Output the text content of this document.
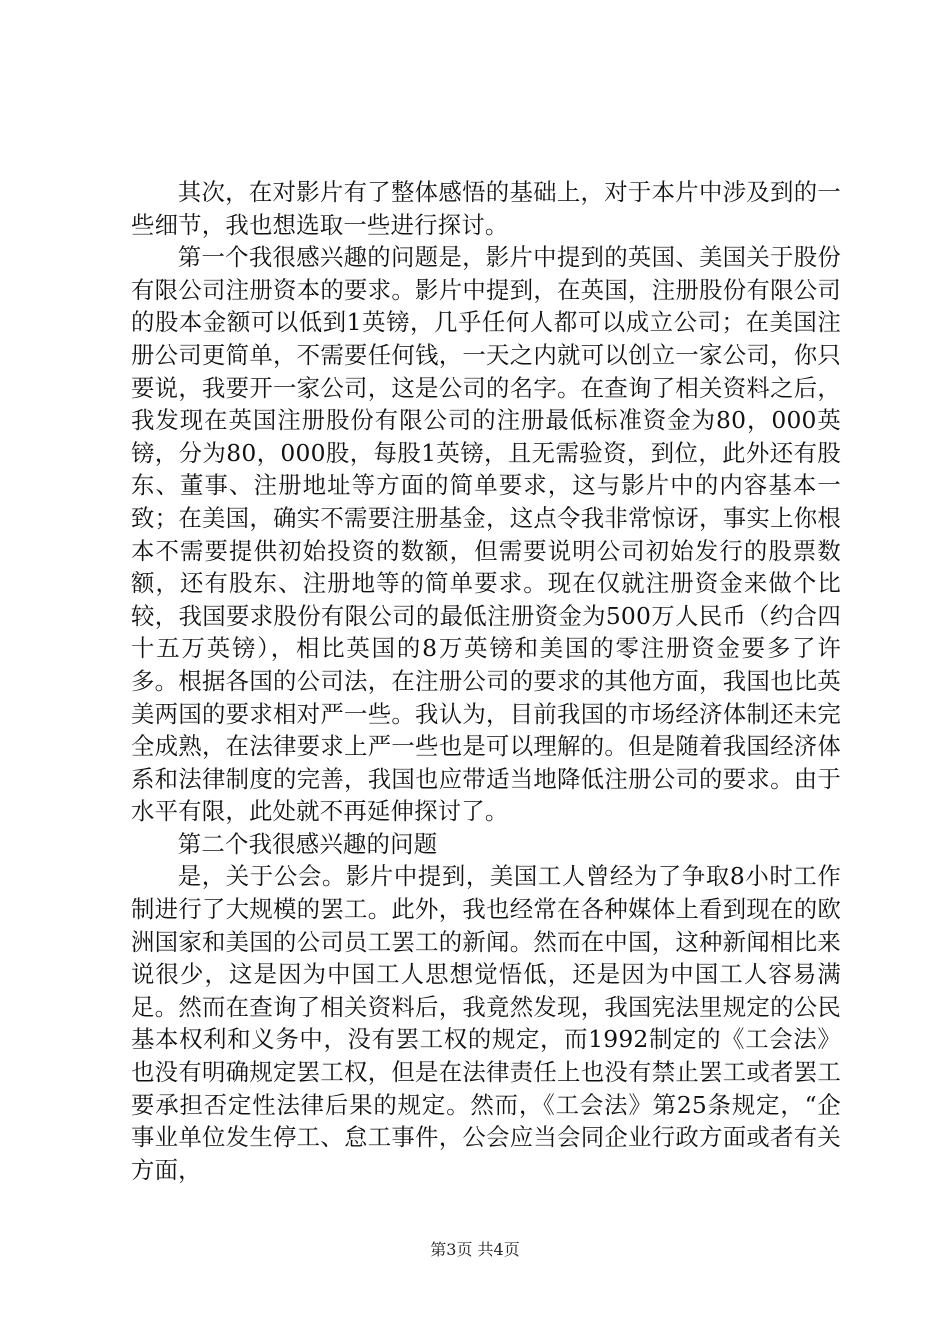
其次，在对影片有了整体感悟的基础上，对于本片中涉及到的一些细节，我也想选取一些进行探讨。

第一个我很感兴趣的问题是，影片中提到的英国、美国关于股份有限公司注册资本的要求。影片中提到，在英国，注册股份有限公司的股本金额可以低到1英镑，几乎任何人都可以成立公司；在美国注册公司更简单，不需要任何钱，一天之内就可以创立一家公司，你只要说，我要开一家公司，这是公司的名字。在查询了相关资料之后，我发现在英国注册股份有限公司的注册最低标准资金为80，000英镑，分为80，000股，每股1英镑，且无需验资，到位，此外还有股东、董事、注册地址等方面的简单要求，这与影片中的内容基本一致；在美国，确实不需要注册基金，这点令我非常惊讶，事实上你根本不需要提供初始投资的数额，但需要说明公司初始发行的股票数额，还有股东、注册地等的简单要求。现在仅就注册资金来做个比较，我国要求股份有限公司的最低注册资金为500万人民币（约合四十五万英镑），相比英国的8万英镑和美国的零注册资金要多了许多。根据各国的公司法，在注册公司的要求的其他方面，我国也比英美两国的要求相对严一些。我认为，目前我国的市场经济体制还未完全成熟，在法律要求上严一些也是可以理解的。但是随着我国经济体系和法律制度的完善，我国也应带适当地降低注册公司的要求。由于水平有限，此处就不再延伸探讨了。

第二个我很感兴趣的问题

是，关于公会。影片中提到，美国工人曾经为了争取8小时工作制进行了大规模的罢工。此外，我也经常在各种媒体上看到现在的欧洲国家和美国的公司员工罢工的新闻。然而在中国，这种新闻相比来说很少，这是因为中国工人思想觉悟低，还是因为中国工人容易满足。然而在查询了相关资料后，我竟然发现，我国宪法里规定的公民基本权利和义务中，没有罢工权的规定，而1992制定的《工会法》也没有明确规定罢工权，但是在法律责任上也没有禁止罢工或者罢工要承担否定性法律后果的规定。然而，《工会法》第25条规定，“企事业单位发生停工、怠工事件，公会应当会同企业行政方面或者有关方面，

第3页 共4页
